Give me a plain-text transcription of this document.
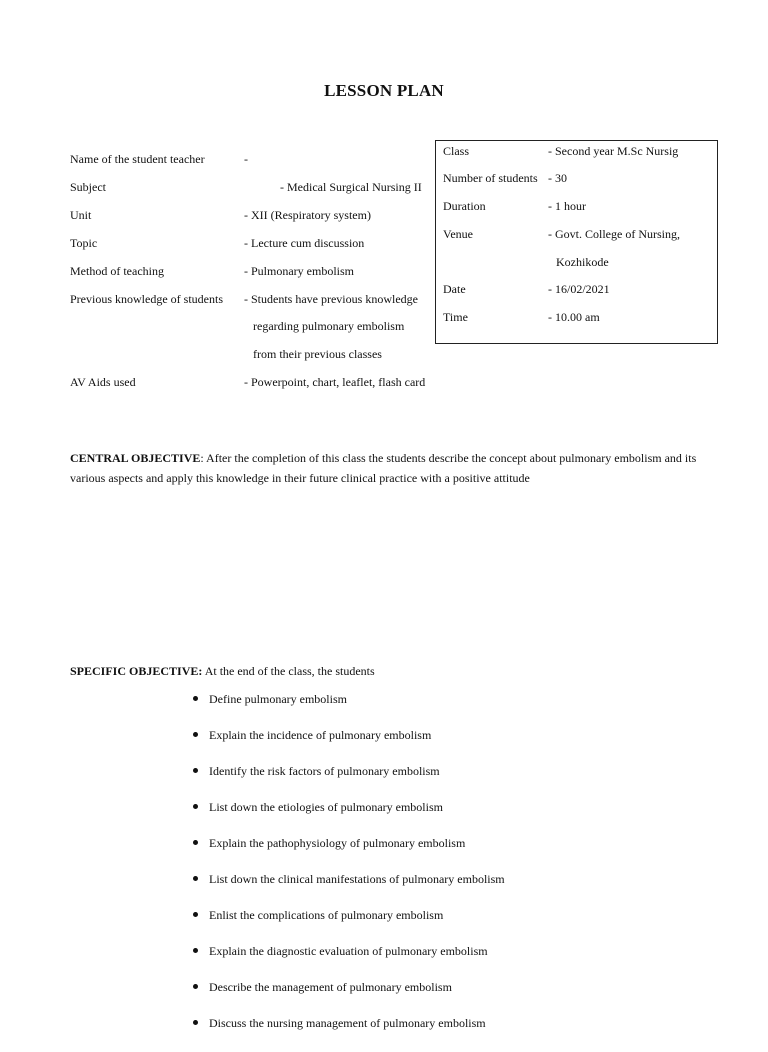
LESSON PLAN
Name of the student teacher	-
Subject	- Medical Surgical Nursing II
Unit	- XII (Respiratory system)
Topic	- Lecture cum discussion
Method of teaching	- Pulmonary embolism
Previous knowledge of students - Students have previous knowledge
regarding pulmonary embolism
from their previous classes
AV Aids used	- Powerpoint, chart, leaflet, flash card
Class	- Second year M.Sc Nursig
Number of students - 30
Duration	- 1 hour
Venue	- Govt. College of Nursing,
Kozhikode
Date	- 16/02/2021
Time	- 10.00 am
CENTRAL OBJECTIVE: After the completion of this class the students describe the concept about pulmonary embolism and its various aspects and apply this knowledge in their future clinical practice with a positive attitude
SPECIFIC OBJECTIVE: At the end of the class, the students
Define pulmonary embolism
Explain the incidence of pulmonary embolism
Identify the risk factors of pulmonary embolism
List down the etiologies of pulmonary embolism
Explain the pathophysiology of pulmonary embolism
List down the clinical manifestations of pulmonary embolism
Enlist the complications of pulmonary embolism
Explain the diagnostic evaluation of pulmonary embolism
Describe the management of pulmonary embolism
Discuss the nursing management of pulmonary embolism
